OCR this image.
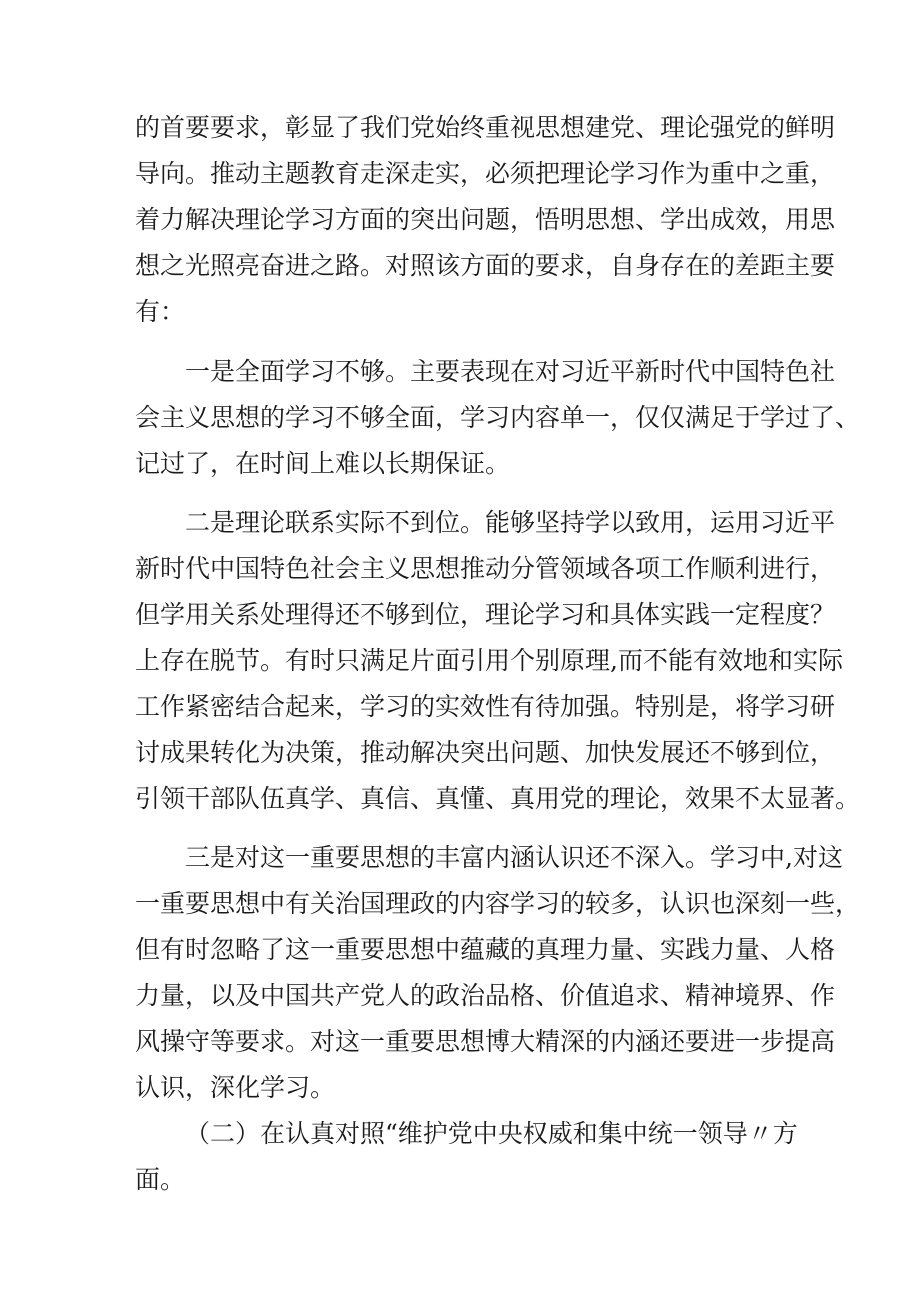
的首要要求，彰显了我们党始终重视思想建党、理论强党的鲜明
导向。推动主题教育走深走实，必须把理论学习作为重中之重，
着力解决理论学习方面的突出问题，悟明思想、学出成效，用思
想之光照亮奋进之路。对照该方面的要求，自身存在的差距主要
有：
一是全面学习不够。主要表现在对习近平新时代中国特色社
会主义思想的学习不够全面，学习内容单一，仅仅满足于学过了、
记过了，在时间上难以长期保证。
二是理论联系实际不到位。能够坚持学以致用，运用习近平
新时代中国特色社会主义思想推动分管领域各项工作顺利进行，
但学用关系处理得还不够到位，理论学习和具体实践一定程度？
上存在脱节。有时只满足片面引用个别原理,而不能有效地和实际
工作紧密结合起来，学习的实效性有待加强。特别是，将学习研
讨成果转化为决策，推动解决突出问题、加快发展还不够到位，
引领干部队伍真学、真信、真懂、真用党的理论，效果不太显著。
三是对这一重要思想的丰富内涵认识还不深入。学习中,对这
一重要思想中有关治国理政的内容学习的较多，认识也深刻一些，
但有时忽略了这一重要思想中蕴藏的真理力量、实践力量、人格
力量，以及中国共产党人的政治品格、价值追求、精神境界、作
风操守等要求。对这一重要思想博大精深的内涵还要进一步提高
认识，深化学习。
（二）在认真对照“维护党中央权威和集中统一领导〃方
面。
